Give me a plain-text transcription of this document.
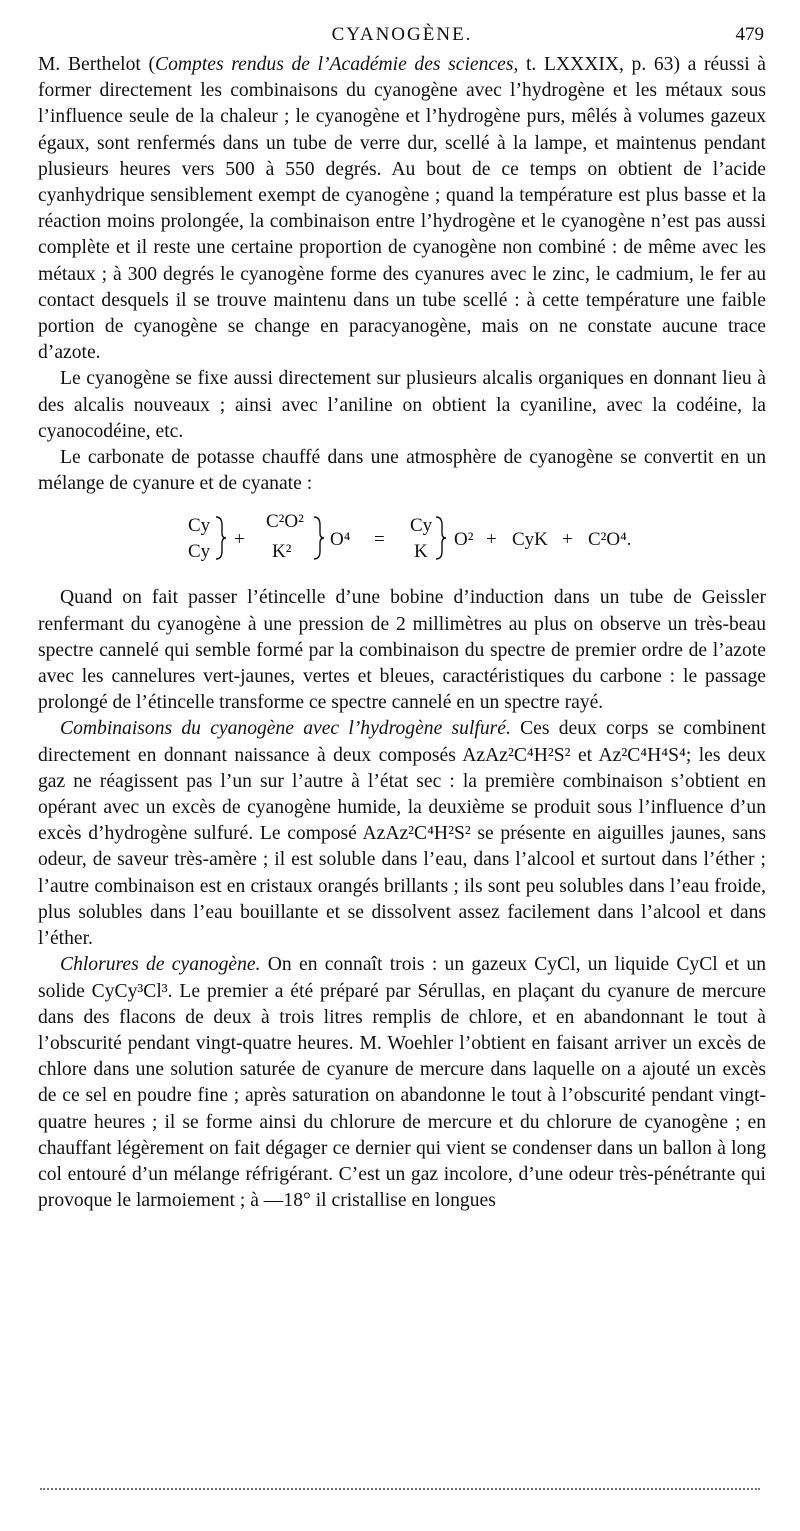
CYANOGÈNE.	479

M. Berthelot (Comptes rendus de l’Académie des sciences, t. LXXXIX, p. 63) a réussi à former directement les combinaisons du cyanogène avec l’hydrogène et les métaux sous l’influence seule de la chaleur ; le cyanogène et l’hydrogène purs, mêlés à volumes gazeux égaux, sont renfermés dans un tube de verre dur, scellé à la lampe, et maintenus pendant plusieurs heures vers 500 à 550 degrés. Au bout de ce temps on obtient de l’acide cyanhydrique sensiblement exempt de cyanogène ; quand la température est plus basse et la réaction moins prolongée, la combinaison entre l’hydrogène et le cyanogène n’est pas aussi complète et il reste une certaine proportion de cyanogène non combiné : de même avec les métaux ; à 300 degrés le cyanogène forme des cyanures avec le zinc, le cadmium, le fer au contact desquels il se trouve maintenu dans un tube scellé : à cette température une faible portion de cyanogène se change en paracyanogène, mais on ne constate aucune trace d’azote.

Le cyanogène se fixe aussi directement sur plusieurs alcalis organiques en donnant lieu à des alcalis nouveaux ; ainsi avec l’aniline on obtient la cyaniline, avec la codéine, la cyanocodéine, etc.

Le carbonate de potasse chauffé dans une atmosphère de cyanogène se convertit en un mélange de cyanure et de cyanate :

Cy
Cy
+
C²O²
K²
O⁴ =
Cy
K
O² + CyK + C²O⁴.

Quand on fait passer l’étincelle d’une bobine d’induction dans un tube de Geissler renfermant du cyanogène à une pression de 2 millimètres au plus on observe un très-beau spectre cannelé qui semble formé par la combinaison du spectre de premier ordre de l’azote avec les cannelures vert-jaunes, vertes et bleues, caractéristiques du carbone : le passage prolongé de l’étincelle transforme ce spectre cannelé en un spectre rayé.

Combinaisons du cyanogène avec l’hydrogène sulfuré. Ces deux corps se combinent directement en donnant naissance à deux composés AzAz²C⁴H²S² et Az²C⁴H⁴S⁴; les deux gaz ne réagissent pas l’un sur l’autre à l’état sec : la première combinaison s’obtient en opérant avec un excès de cyanogène humide, la deuxième se produit sous l’influence d’un excès d’hydrogène sulfuré. Le composé AzAz²C⁴H²S² se présente en aiguilles jaunes, sans odeur, de saveur très-amère ; il est soluble dans l’eau, dans l’alcool et surtout dans l’éther ; l’autre combinaison est en cristaux orangés brillants ; ils sont peu solubles dans l’eau froide, plus solubles dans l’eau bouillante et se dissolvent assez facilement dans l’alcool et dans l’éther.

Chlorures de cyanogène. On en connaît trois : un gazeux CyCl, un liquide CyCl et un solide CyCy³Cl³. Le premier a été préparé par Sérullas, en plaçant du cyanure de mercure dans des flacons de deux à trois litres remplis de chlore, et en abandonnant le tout à l’obscurité pendant vingt-quatre heures. M. Woehler l’obtient en faisant arriver un excès de chlore dans une solution saturée de cyanure de mercure dans laquelle on a ajouté un excès de ce sel en poudre fine ; après saturation on abandonne le tout à l’obscurité pendant vingt-quatre heures ; il se forme ainsi du chlorure de mercure et du chlorure de cyanogène ; en chauffant légèrement on fait dégager ce dernier qui vient se condenser dans un ballon à long col entouré d’un mélange réfrigérant. C’est un gaz incolore, d’une odeur très-pénétrante qui provoque le larmoiement ; à —18° il cristallise en longues
